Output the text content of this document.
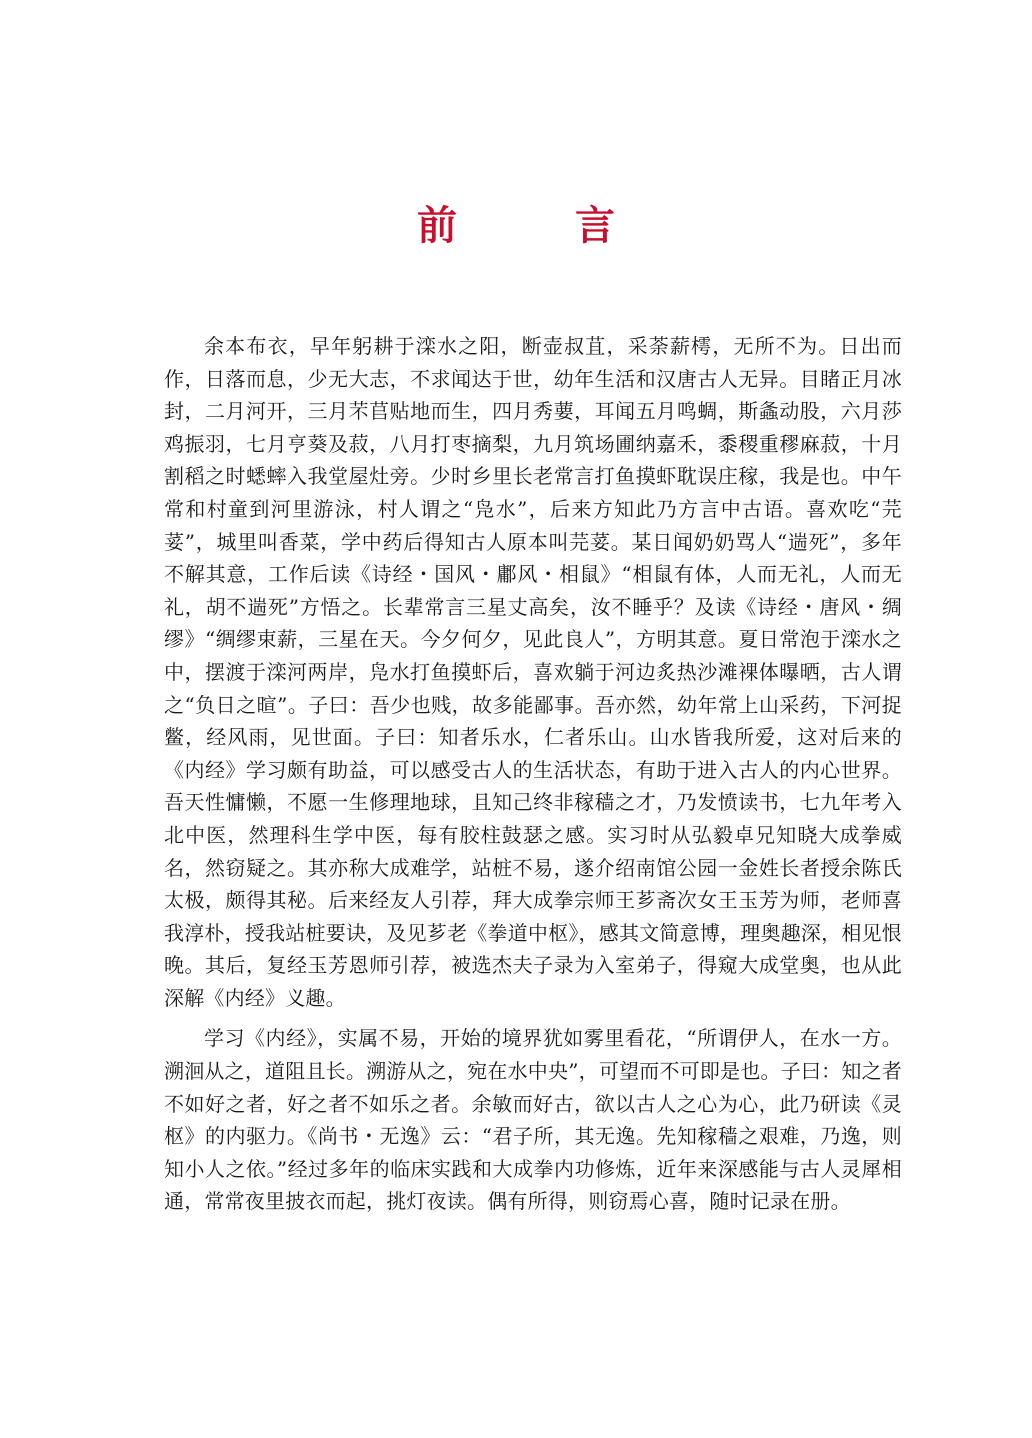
前 言

余本布衣，早年躬耕于滦水之阳，断壶叔苴，采荼薪樗，无所不为。日出而作，日落而息，少无大志，不求闻达于世，幼年生活和汉唐古人无异。目睹正月冰封，二月河开，三月芣苢贴地而生，四月秀葽，耳闻五月鸣蜩，斯螽动股，六月莎鸡振羽，七月亨葵及菽，八月打枣摘梨，九月筑场圃纳嘉禾，黍稷重穋麻菽，十月割稻之时蟋蟀入我堂屋灶旁。少时乡里长老常言打鱼摸虾耽误庄稼，我是也。中午常和村童到河里游泳，村人谓之“凫水”，后来方知此乃方言中古语。喜欢吃“芫荽”，城里叫香菜，学中药后得知古人原本叫芫荽。某日闻奶奶骂人“遄死”，多年不解其意，工作后读《诗经・国风・鄘风・相鼠》“相鼠有体，人而无礼，人而无礼，胡不遄死”方悟之。长辈常言三星丈高矣，汝不睡乎？及读《诗经・唐风・绸缪》“绸缪束薪，三星在天。今夕何夕，见此良人”，方明其意。夏日常泡于滦水之中，摆渡于滦河两岸，凫水打鱼摸虾后，喜欢躺于河边炙热沙滩裸体曝晒，古人谓之“负日之暄”。子曰：吾少也贱，故多能鄙事。吾亦然，幼年常上山采药，下河捉鳖，经风雨，见世面。子曰：知者乐水，仁者乐山。山水皆我所爱，这对后来的《内经》学习颇有助益，可以感受古人的生活状态，有助于进入古人的内心世界。吾天性慵懒，不愿一生修理地球，且知己终非稼穑之才，乃发愤读书，七九年考入北中医，然理科生学中医，每有胶柱鼓瑟之感。实习时从弘毅卓兄知晓大成拳威名，然窃疑之。其亦称大成难学，站桩不易，遂介绍南馆公园一金姓长者授余陈氏太极，颇得其秘。后来经友人引荐，拜大成拳宗师王芗斋次女王玉芳为师，老师喜我淳朴，授我站桩要诀，及见芗老《拳道中枢》，感其文简意博，理奥趣深，相见恨晚。其后，复经玉芳恩师引荐，被选杰夫子录为入室弟子，得窥大成堂奥，也从此深解《内经》义趣。

学习《内经》，实属不易，开始的境界犹如雾里看花，“所谓伊人，在水一方。溯洄从之，道阻且长。溯游从之，宛在水中央”，可望而不可即是也。子曰：知之者不如好之者，好之者不如乐之者。余敏而好古，欲以古人之心为心，此乃研读《灵枢》的内驱力。《尚书・无逸》云：“君子所，其无逸。先知稼穑之艰难，乃逸，则知小人之依。”经过多年的临床实践和大成拳内功修炼，近年来深感能与古人灵犀相通，常常夜里披衣而起，挑灯夜读。偶有所得，则窃焉心喜，随时记录在册。
